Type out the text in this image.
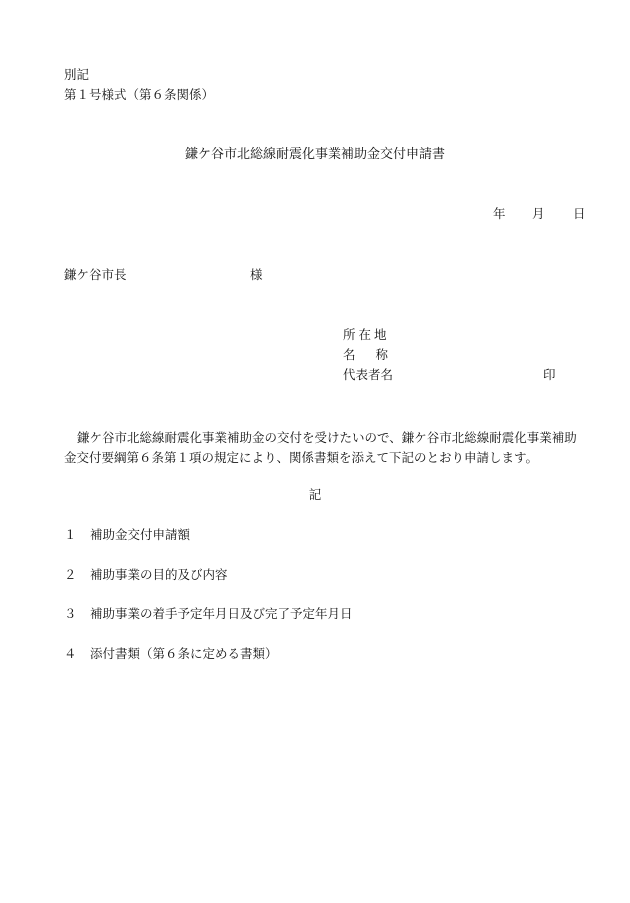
別記
第１号様式（第６条関係）
鎌ケ谷市北総線耐震化事業補助金交付申請書
年 月 日
鎌ケ谷市長	様
所在地
名 称
代表者名	印
鎌ケ谷市北総線耐震化事業補助金の交付を受けたいので、鎌ケ谷市北総線耐震化事業補助金交付要綱第６条第１項の規定により、関係書類を添えて下記のとおり申請します。
記
１ 補助金交付申請額
２ 補助事業の目的及び内容
３ 補助事業の着手予定年月日及び完了予定年月日
４ 添付書類（第６条に定める書類）
